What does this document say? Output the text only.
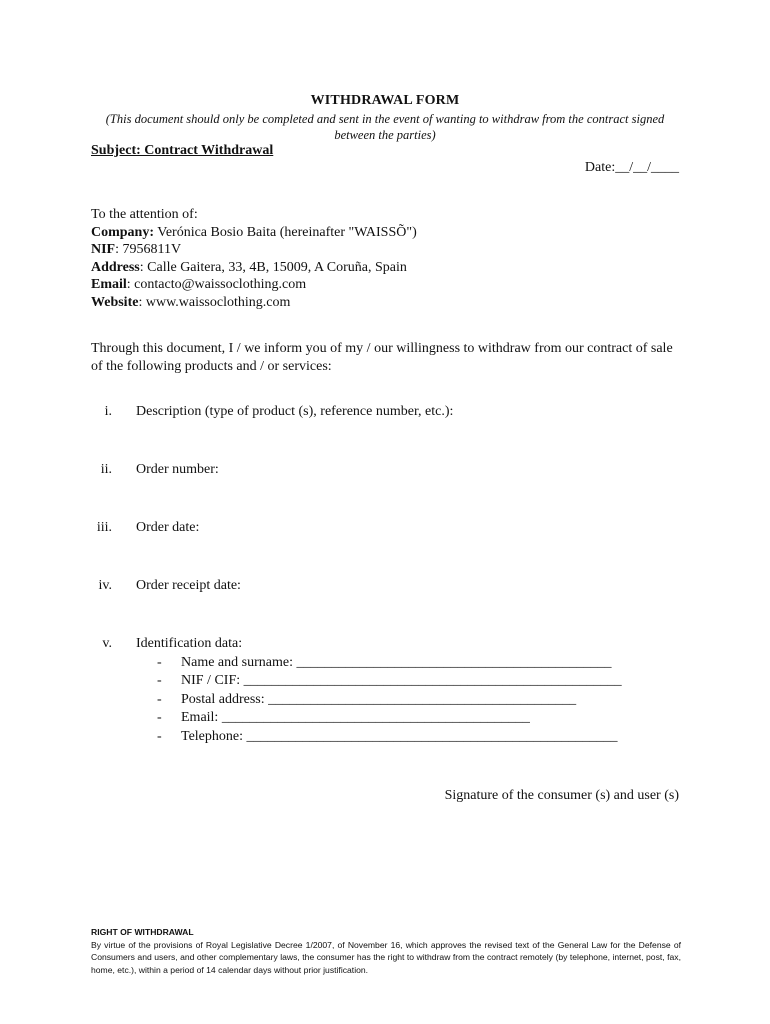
WITHDRAWAL FORM
(This document should only be completed and sent in the event of wanting to withdraw from the contract signed between the parties)
Subject: Contract Withdrawal
Date:__/__/____
To the attention of:
Company: Verónica Bosio Baita (hereinafter "WAISSÕ")
NIF: 7956811V
Address: Calle Gaitera, 33, 4B, 15009, A Coruña, Spain
Email: contacto@waissoclothing.com
Website: www.waissoclothing.com
Through this document, I / we inform you of my / our willingness to withdraw from our contract of sale of the following products and / or services:
i. Description (type of product (s), reference number, etc.):
ii. Order number:
iii. Order date:
iv. Order receipt date:
v. Identification data:
- Name and surname: _____________________________________________
- NIF / CIF: ______________________________________________________
- Postal address: ____________________________________________
- Email: ____________________________________________
- Telephone: _____________________________________________________
Signature of the consumer (s) and user (s)
RIGHT OF WITHDRAWAL
By virtue of the provisions of Royal Legislative Decree 1/2007, of November 16, which approves the revised text of the General Law for the Defense of Consumers and users, and other complementary laws, the consumer has the right to withdraw from the contract remotely (by telephone, internet, post, fax, home, etc.), within a period of 14 calendar days without prior justification.
